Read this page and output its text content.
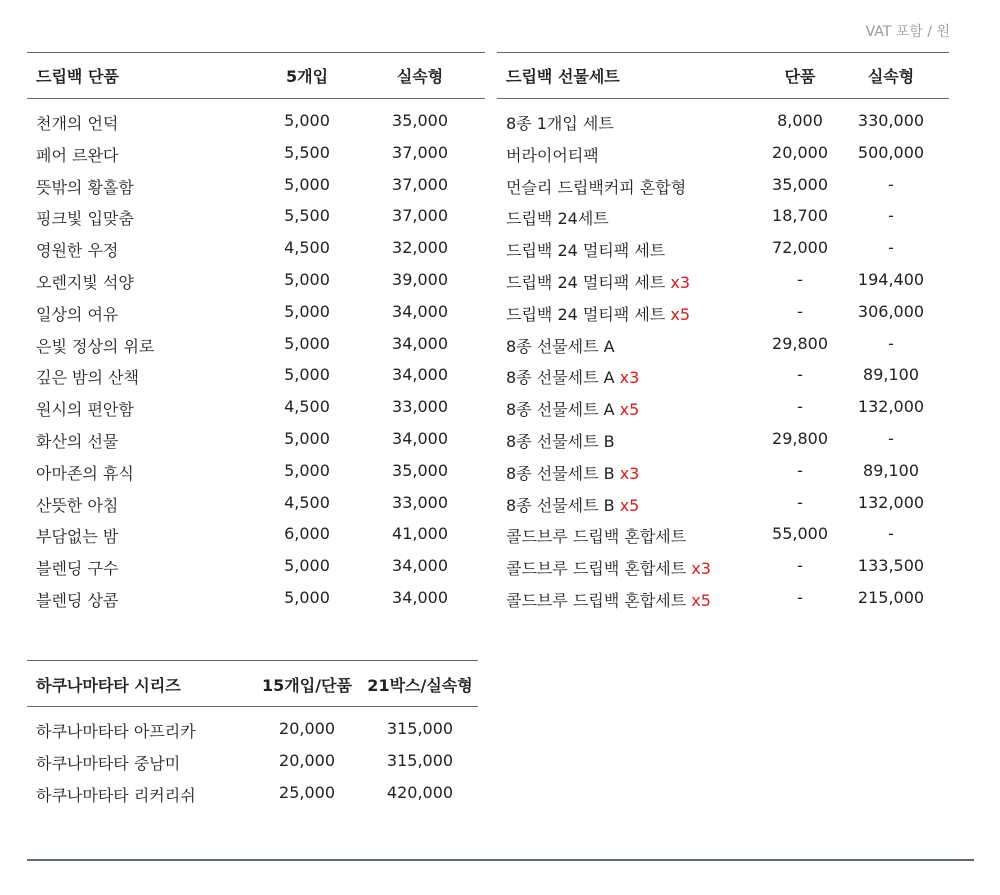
VAT 포함 / 원
드립백 단품	5개입	실속형
천개의 언덕	5,000	35,000
페어 르완다	5,500	37,000
뜻밖의 황홀함	5,000	37,000
핑크빛 입맞춤	5,500	37,000
영원한 우정	4,500	32,000
오렌지빛 석양	5,000	39,000
일상의 여유	5,000	34,000
은빛 정상의 위로	5,000	34,000
깊은 밤의 산책	5,000	34,000
원시의 편안함	4,500	33,000
화산의 선물	5,000	34,000
아마존의 휴식	5,000	35,000
산뜻한 아침	4,500	33,000
부담없는 밤	6,000	41,000
블렌딩 구수	5,000	34,000
블렌딩 상콤	5,000	34,000
드립백 선물세트	단품	실속형
8종 1개입 세트	8,000 330,000
버라이어티팩	20,000 500,000
먼슬리 드립백커피 혼합형	35,000	-
드립백 24세트	18,700	-
드립백 24 멀티팩 세트	72,000	-
드립백 24 멀티팩 세트 x3	-	194,400
드립백 24 멀티팩 세트 x5	-	306,000
8종 선물세트 A	29,800	-
8종 선물세트 A x3	-	89,100
8종 선물세트 A x5	-	132,000
8종 선물세트 B	29,800	-
8종 선물세트 B x3	-	89,100
8종 선물세트 B x5	-	132,000
콜드브루 드립백 혼합세트	55,000	-
콜드브루 드립백 혼합세트 x3	-	133,500
콜드브루 드립백 혼합세트 x5	-	215,000
하쿠나마타타 시리즈	15개입/단품 21박스/실속형
하쿠나마타타 아프리카	20,000	315,000
하쿠나마타타 중남미	20,000	315,000
하쿠나마타타 리커리쉬	25,000	420,000
